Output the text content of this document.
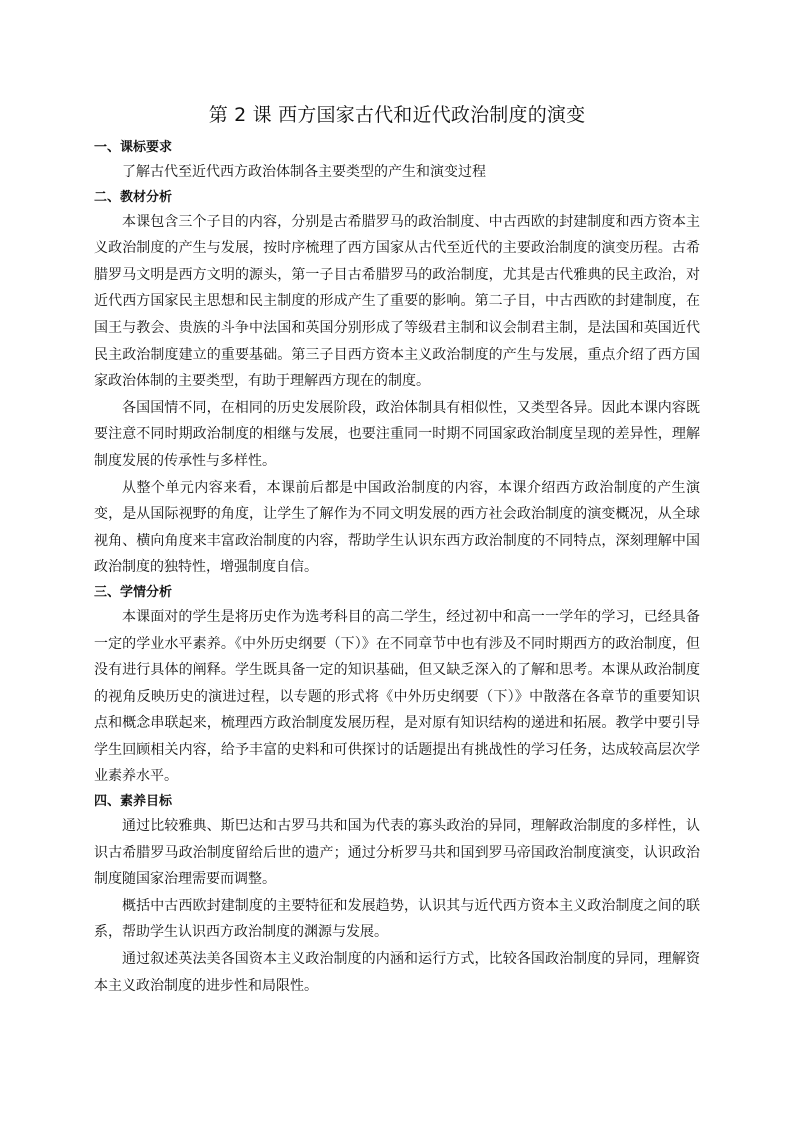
第 2 课 西方国家古代和近代政治制度的演变

一、课标要求

了解古代至近代西方政治体制各主要类型的产生和演变过程

二、教材分析

本课包含三个子目的内容，分别是古希腊罗马的政治制度、中古西欧的封建制度和西方资本主义政治制度的产生与发展，按时序梳理了西方国家从古代至近代的主要政治制度的演变历程。古希腊罗马文明是西方文明的源头，第一子目古希腊罗马的政治制度，尤其是古代雅典的民主政治，对近代西方国家民主思想和民主制度的形成产生了重要的影响。第二子目，中古西欧的封建制度，在国王与教会、贵族的斗争中法国和英国分别形成了等级君主制和议会制君主制，是法国和英国近代民主政治制度建立的重要基础。第三子目西方资本主义政治制度的产生与发展，重点介绍了西方国家政治体制的主要类型，有助于理解西方现在的制度。

各国国情不同，在相同的历史发展阶段，政治体制具有相似性，又类型各异。因此本课内容既要注意不同时期政治制度的相继与发展，也要注重同一时期不同国家政治制度呈现的差异性，理解制度发展的传承性与多样性。

从整个单元内容来看，本课前后都是中国政治制度的内容，本课介绍西方政治制度的产生演变，是从国际视野的角度，让学生了解作为不同文明发展的西方社会政治制度的演变概况，从全球视角、横向角度来丰富政治制度的内容，帮助学生认识东西方政治制度的不同特点，深刻理解中国政治制度的独特性，增强制度自信。

三、学情分析

本课面对的学生是将历史作为选考科目的高二学生，经过初中和高一一学年的学习，已经具备一定的学业水平素养。《中外历史纲要（下）》在不同章节中也有涉及不同时期西方的政治制度，但没有进行具体的阐释。学生既具备一定的知识基础，但又缺乏深入的了解和思考。本课从政治制度的视角反映历史的演进过程，以专题的形式将《中外历史纲要（下）》中散落在各章节的重要知识点和概念串联起来，梳理西方政治制度发展历程，是对原有知识结构的递进和拓展。教学中要引导学生回顾相关内容，给予丰富的史料和可供探讨的话题提出有挑战性的学习任务，达成较高层次学业素养水平。

四、素养目标

通过比较雅典、斯巴达和古罗马共和国为代表的寡头政治的异同，理解政治制度的多样性，认识古希腊罗马政治制度留给后世的遗产；通过分析罗马共和国到罗马帝国政治制度演变，认识政治制度随国家治理需要而调整。

概括中古西欧封建制度的主要特征和发展趋势，认识其与近代西方资本主义政治制度之间的联系，帮助学生认识西方政治制度的渊源与发展。

通过叙述英法美各国资本主义政治制度的内涵和运行方式，比较各国政治制度的异同，理解资本主义政治制度的进步性和局限性。
